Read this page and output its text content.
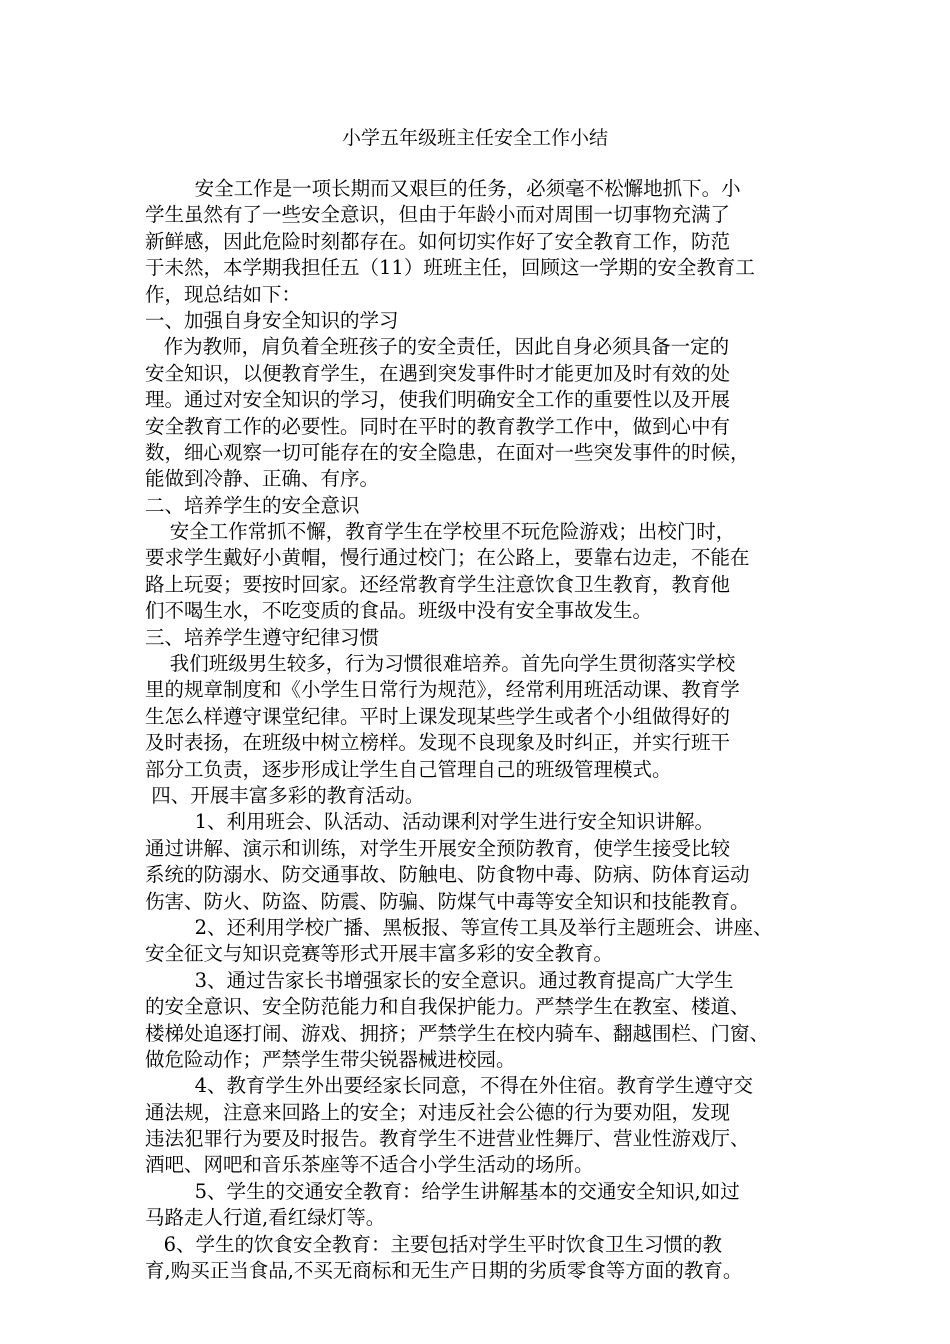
小学五年级班主任安全工作小结
安全工作是一项长期而又艰巨的任务，必须毫不松懈地抓下。小
学生虽然有了一些安全意识，但由于年龄小而对周围一切事物充满了
新鲜感，因此危险时刻都存在。如何切实作好了安全教育工作，防范
于未然，本学期我担任五（11）班班主任，回顾这一学期的安全教育工
作，现总结如下：
一、加强自身安全知识的学习
作为教师，肩负着全班孩子的安全责任，因此自身必须具备一定的
安全知识，以便教育学生，在遇到突发事件时才能更加及时有效的处
理。通过对安全知识的学习，使我们明确安全工作的重要性以及开展
安全教育工作的必要性。同时在平时的教育教学工作中，做到心中有
数，细心观察一切可能存在的安全隐患，在面对一些突发事件的时候，
能做到冷静、正确、有序。
二、培养学生的安全意识
安全工作常抓不懈，教育学生在学校里不玩危险游戏；出校门时，
要求学生戴好小黄帽，慢行通过校门；在公路上，要靠右边走，不能在
路上玩耍；要按时回家。还经常教育学生注意饮食卫生教育，教育他
们不喝生水，不吃变质的食品。班级中没有安全事故发生。
三、培养学生遵守纪律习惯
我们班级男生较多，行为习惯很难培养。首先向学生贯彻落实学校
里的规章制度和《小学生日常行为规范》，经常利用班活动课、教育学
生怎么样遵守课堂纪律。平时上课发现某些学生或者个小组做得好的
及时表扬，在班级中树立榜样。发现不良现象及时纠正，并实行班干
部分工负责，逐步形成让学生自己管理自己的班级管理模式。
四、开展丰富多彩的教育活动。
1、利用班会、队活动、活动课利对学生进行安全知识讲解。
通过讲解、演示和训练，对学生开展安全预防教育，使学生接受比较
系统的防溺水、防交通事故、防触电、防食物中毒、防病、防体育运动
伤害、防火、防盗、防震、防骗、防煤气中毒等安全知识和技能教育。
2、还利用学校广播、黑板报、等宣传工具及举行主题班会、讲座、
安全征文与知识竞赛等形式开展丰富多彩的安全教育。
3、通过告家长书增强家长的安全意识。通过教育提高广大学生
的安全意识、安全防范能力和自我保护能力。严禁学生在教室、楼道、
楼梯处追逐打闹、游戏、拥挤；严禁学生在校内骑车、翻越围栏、门窗、
做危险动作；严禁学生带尖锐器械进校园。
4、教育学生外出要经家长同意，不得在外住宿。教育学生遵守交
通法规，注意来回路上的安全；对违反社会公德的行为要劝阻，发现
违法犯罪行为要及时报告。教育学生不进营业性舞厅、营业性游戏厅、
酒吧、网吧和音乐茶座等不适合小学生活动的场所。
5、学生的交通安全教育：给学生讲解基本的交通安全知识,如过
马路走人行道,看红绿灯等。
6、学生的饮食安全教育：主要包括对学生平时饮食卫生习惯的教
育,购买正当食品,不买无商标和无生产日期的劣质零食等方面的教育。
